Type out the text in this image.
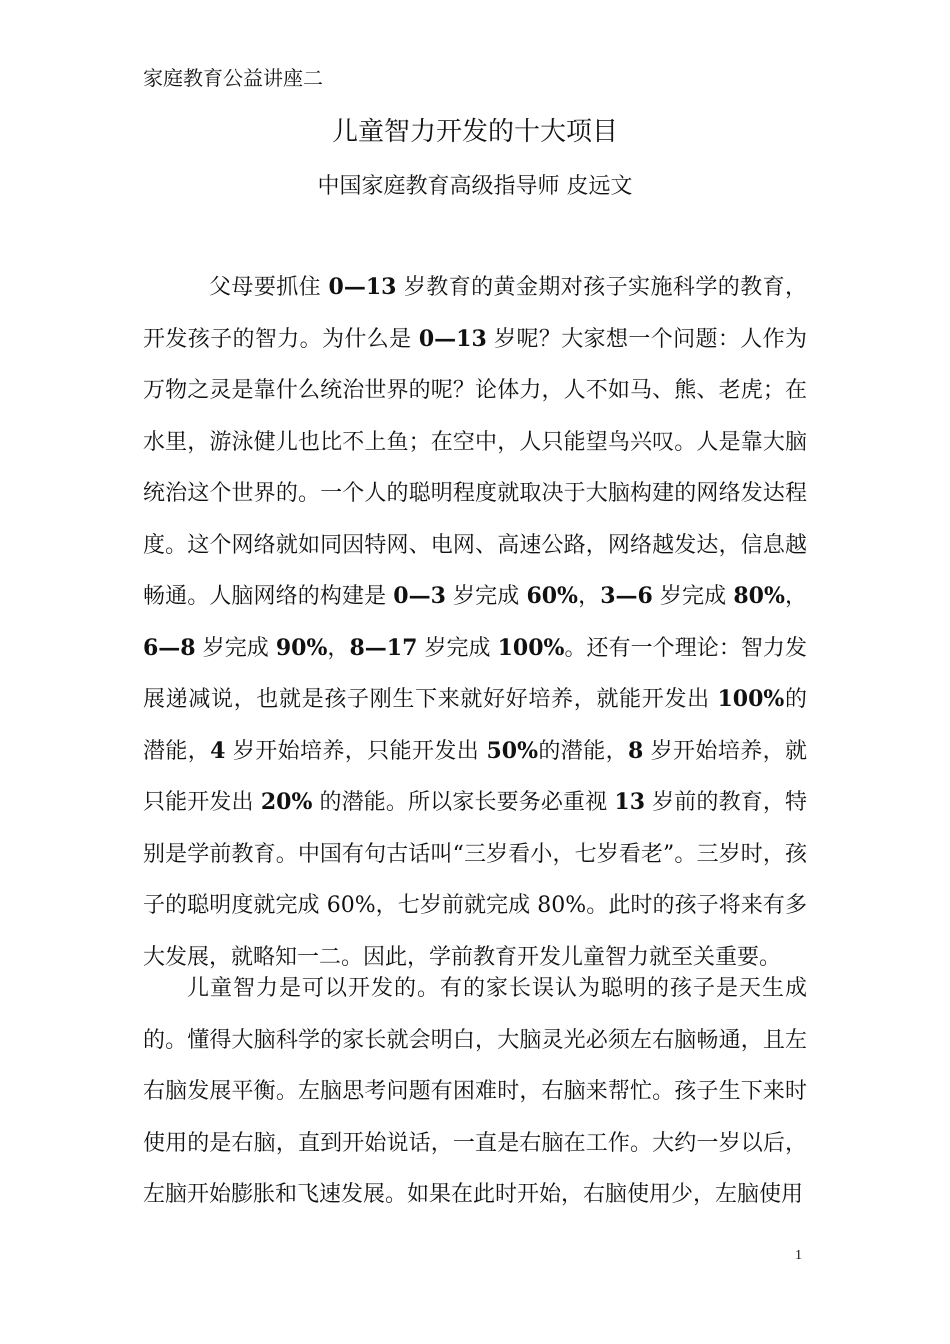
家庭教育公益讲座二
儿童智力开发的十大项目
中国家庭教育高级指导师 皮远文

父母要抓住 0—13 岁教育的黄金期对孩子实施科学的教育，开发孩子的智力。为什么是 0—13 岁呢？大家想一个问题：人作为万物之灵是靠什么统治世界的呢？论体力，人不如马、熊、老虎；在水里，游泳健儿也比不上鱼；在空中，人只能望鸟兴叹。人是靠大脑统治这个世界的。一个人的聪明程度就取决于大脑构建的网络发达程度。这个网络就如同因特网、电网、高速公路，网络越发达，信息越畅通。人脑网络的构建是 0—3 岁完成 60%，3—6 岁完成 80%，6—8 岁完成 90%，8—17 岁完成 100%。还有一个理论：智力发展递减说，也就是孩子刚生下来就好好培养，就能开发出 100%的潜能，4 岁开始培养，只能开发出 50%的潜能，8 岁开始培养，就只能开发出 20% 的潜能。所以家长要务必重视 13 岁前的教育，特别是学前教育。中国有句古话叫“三岁看小，七岁看老”。三岁时，孩子的聪明度就完成 60%，七岁前就完成 80%。此时的孩子将来有多大发展，就略知一二。因此，学前教育开发儿童智力就至关重要。

儿童智力是可以开发的。有的家长误认为聪明的孩子是天生成的。懂得大脑科学的家长就会明白，大脑灵光必须左右脑畅通，且左右脑发展平衡。左脑思考问题有困难时，右脑来帮忙。孩子生下来时使用的是右脑，直到开始说话，一直是右脑在工作。大约一岁以后，左脑开始膨胀和飞速发展。如果在此时开始，右脑使用少，左脑使用

1
